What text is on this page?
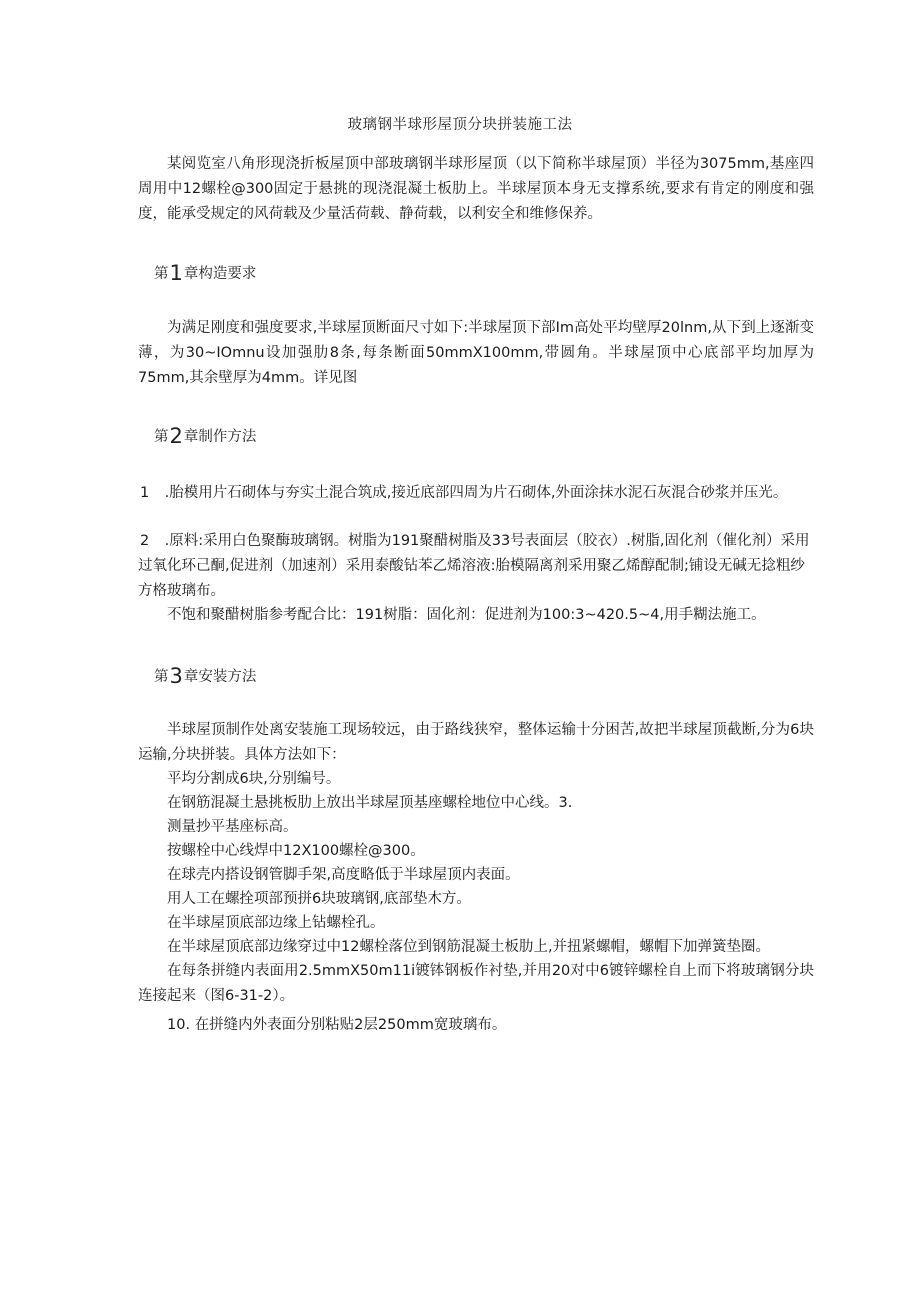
玻璃钢半球形屋顶分块拼装施工法
某阅览室八角形现浇折板屋顶中部玻璃钢半球形屋顶（以下简称半球屋顶）半径为3075mm,基座四周用中12螺栓@300固定于悬挑的现浇混凝土板肋上。半球屋顶本身无支撑系统,要求有肯定的刚度和强度，能承受规定的风荷载及少量活荷载、静荷载，以利安全和维修保养。
第1章构造要求
为满足刚度和强度要求,半球屋顶断面尺寸如下:半球屋顶下部Im高处平均壁厚20lnm,从下到上逐渐变薄，为30~IOmnu设加强肋8条,每条断面50mmX100mm,带圆角。半球屋顶中心底部平均加厚为75mm,其余壁厚为4mm。详见图
第2章制作方法
1 .胎模用片石砌体与夯实土混合筑成,接近底部四周为片石砌体,外面涂抹水泥石灰混合砂浆并压光。
2 .原料:采用白色聚酶玻璃钢。树脂为191聚醋树脂及33号表面层（胶衣）.树脂,固化剂（催化剂）采用过氧化环己酮,促进剂（加速剂）采用泰酸钻苯乙烯溶液:胎模隔离剂采用聚乙烯醇配制;铺设无碱无捻粗纱方格玻璃布。
不饱和聚醋树脂参考配合比：191树脂：固化剂：促进剂为100:3~420.5~4,用手糊法施工。
第3章安装方法
半球屋顶制作处离安装施工现场较远，由于路线狭窄，整体运输十分困苦,故把半球屋顶截断,分为6块运输,分块拼装。具体方法如下：
平均分割成6块,分别编号。
在钢筋混凝土悬挑板肋上放出半球屋顶基座螺栓地位中心线。3.
测量抄平基座标高。
按螺栓中心线焊中12X100螺栓@300。
在球壳内搭设钢管脚手架,高度略低于半球屋顶内表面。
用人工在螺拴项部预拼6块玻璃钢,底部垫木方。
在半球屋顶底部边缘上钻螺栓孔。
在半球屋顶底部边缘穿过中12螺栓落位到钢筋混凝土板肋上,并扭紧螺帽，螺帽下加弹簧垫圈。
在每条拼缝内表面用2.5mmX50m11i镀钵钢板作衬垫,并用20对中6镀锌螺栓自上而下将玻璃钢分块连接起来（图6-31-2）。
10. 在拼缝内外表面分别粘贴2层250mm宽玻璃布。
